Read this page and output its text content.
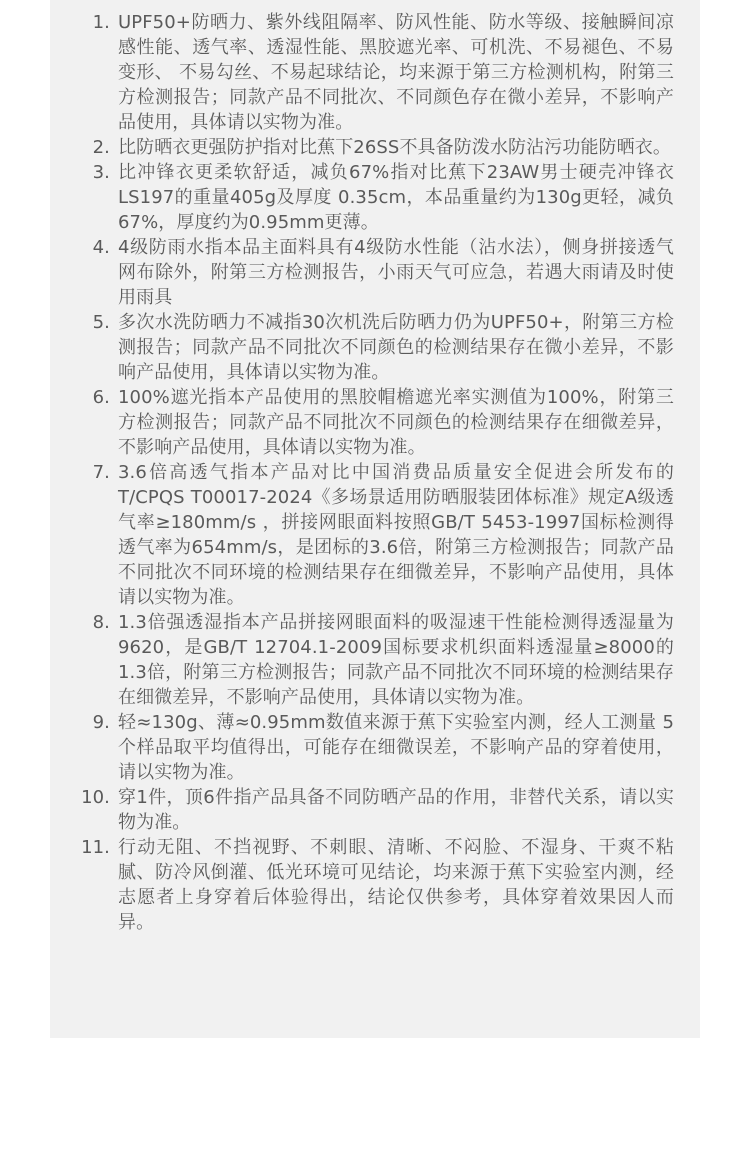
1. UPF50+防晒力、紫外线阻隔率、防风性能、防水等级、接触瞬间凉感性能、透气率、透湿性能、黑胶遮光率、可机洗、不易褪色、不易变形、 不易勾丝、不易起球结论，均来源于第三方检测机构，附第三方检测报告；同款产品不同批次、不同颜色存在微小差异，不影响产品使用，具体请以实物为准。
2. 比防晒衣更强防护指对比蕉下26SS不具备防泼水防沾污功能防晒衣。
3. 比冲锋衣更柔软舒适，减负67%指对比蕉下23AW男士硬壳冲锋衣LS197的重量405g及厚度 0.35cm，本品重量约为130g更轻，减负67%，厚度约为0.95mm更薄。
4. 4级防雨水指本品主面料具有4级防水性能（沾水法），侧身拼接透气网布除外，附第三方检测报告，小雨天气可应急，若遇大雨请及时使用雨具
5. 多次水洗防晒力不减指30次机洗后防晒力仍为UPF50+，附第三方检测报告；同款产品不同批次不同颜色的检测结果存在微小差异，不影响产品使用，具体请以实物为准。
6. 100%遮光指本产品使用的黑胶帽檐遮光率实测值为100%，附第三方检测报告；同款产品不同批次不同颜色的检测结果存在细微差异，不影响产品使用，具体请以实物为准。
7. 3.6倍高透气指本产品对比中国消费品质量安全促进会所发布的 T/CPQS T00017-2024《多场景适用防晒服装团体标准》规定A级透气率≥180mm/s ，拼接网眼面料按照GB/T 5453-1997国标检测得透气率为654mm/s，是团标的3.6倍，附第三方检测报告；同款产品不同批次不同环境的检测结果存在细微差异，不影响产品使用，具体请以实物为准。
8. 1.3倍强透湿指本产品拼接网眼面料的吸湿速干性能检测得透湿量为9620，是GB/T 12704.1-2009国标要求机织面料透湿量≥8000的1.3倍，附第三方检测报告；同款产品不同批次不同环境的检测结果存在细微差异，不影响产品使用，具体请以实物为准。
9. 轻≈130g、薄≈0.95mm数值来源于蕉下实验室内测，经人工测量 5个样品取平均值得出，可能存在细微误差，不影响产品的穿着使用，请以实物为准。
10. 穿1件，顶6件指产品具备不同防晒产品的作用，非替代关系，请以实物为准。
11. 行动无阻、不挡视野、不刺眼、清晰、不闷脸、不湿身、干爽不粘腻、防冷风倒灌、低光环境可见结论，均来源于蕉下实验室内测，经志愿者上身穿着后体验得出，结论仅供参考，具体穿着效果因人而异。
